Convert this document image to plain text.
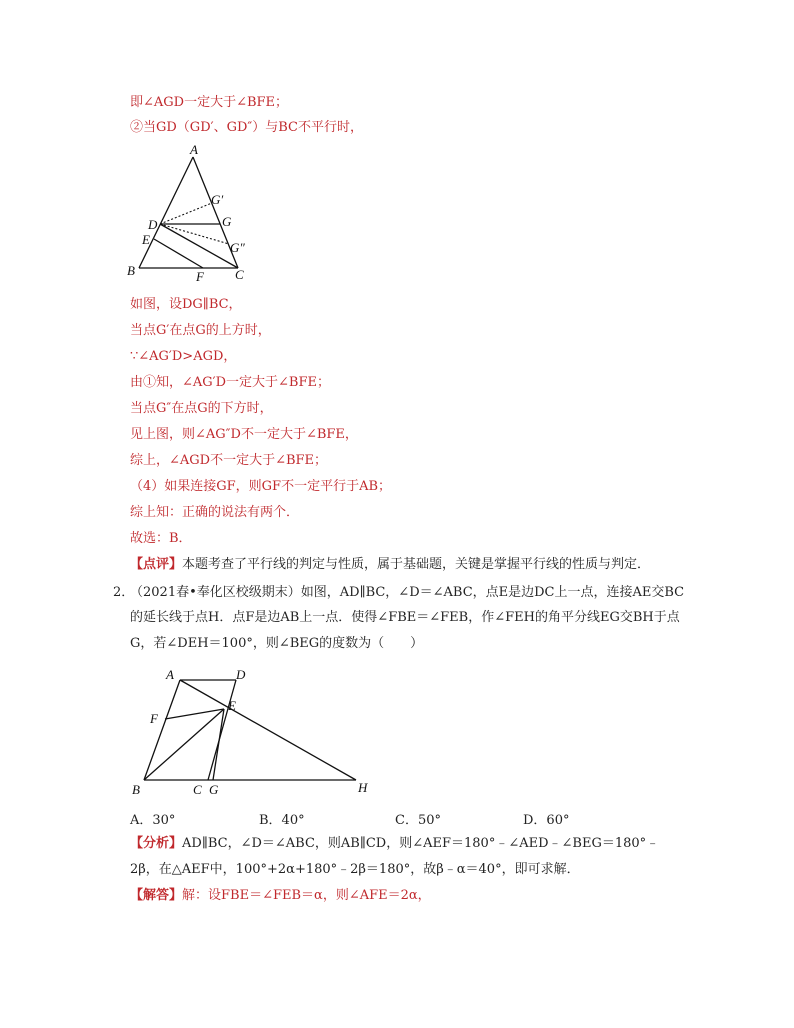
即∠AGD一定大于∠BFE；
②当GD（GD′、GD″）与BC不平行时，
A
B	C
D
E
F
G
G′
G″
如图，设DG∥BC，
当点G′在点G的上方时，
∵∠AG′D>AGD，
由①知，∠AG′D一定大于∠BFE；
当点G″在点G的下方时，
见上图，则∠AG″D不一定大于∠BFE，
综上，∠AGD不一定大于∠BFE；
（4）如果连接GF，则GF不一定平行于AB；
综上知：正确的说法有两个．
故选：B．
【点评】本题考查了平行线的判定与性质，属于基础题，关键是掌握平行线的性质与判定．
2．
（2021春•奉化区校级期末）如图，AD∥BC，∠D＝∠ABC，点E是边DC上一点，连接AE交BC
的延长线于点H．点F是边AB上一点．使得∠FBE＝∠FEB，作∠FEH的角平分线EG交BH于点
G，若∠DEH＝100°，则∠BEG的度数为（　　）
A	D
F
E
B	C G	H
A．30°	B．40°	C．50°	D．60°
【分析】AD∥BC，∠D＝∠ABC，则AB∥CD，则∠AEF＝180°﹣∠AED﹣∠BEG＝180°﹣
2β，在△AEF中，100°+2α+180°﹣2β＝180°，故β﹣α＝40°，即可求解．
【解答】解：设FBE＝∠FEB＝α，则∠AFE＝2α，
